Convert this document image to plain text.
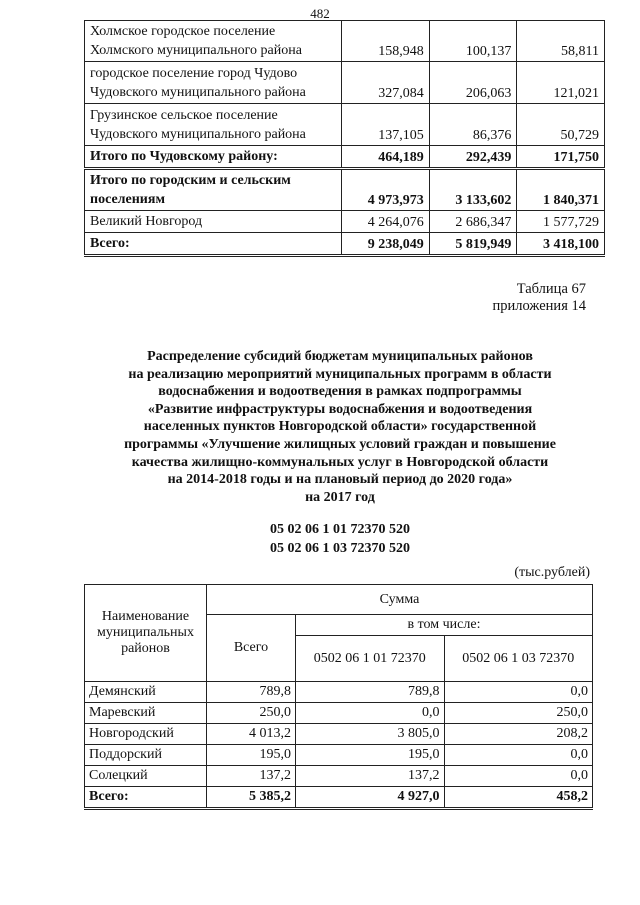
482
Холмское городское поселение Холмского муниципального района	158,948	100,137	58,811
городское поселение город Чудово Чудовского муниципального района	327,084	206,063	121,021
Грузинское сельское поселение Чудовского муниципального района	137,105	86,376	50,729
Итого по Чудовскому району:	464,189	292,439	171,750
Итого по городским и сельским поселениям	4 973,973	3 133,602	1 840,371
Великий Новгород	4 264,076	2 686,347	1 577,729
Всего:	9 238,049	5 819,949	3 418,100
Таблица 67
приложения 14
Распределение субсидий бюджетам муниципальных районов
на реализацию мероприятий муниципальных программ в области
водоснабжения и водоотведения в рамках подпрограммы
«Развитие инфраструктуры водоснабжения и водоотведения
населенных пунктов Новгородской области» государственной
программы «Улучшение жилищных условий граждан и повышение
качества жилищно-коммунальных услуг в Новгородской области
на 2014-2018 годы и на плановый период до 2020 года»
на 2017 год
05 02 06 1 01 72370 520
05 02 06 1 03 72370 520
(тыс.рублей)
Наименование муниципальных районов	Сумма		
	Всего	в том числе:	
		0502 06 1 01 72370	0502 06 1 03 72370
Демянский	789,8	789,8	0,0
Маревский	250,0	0,0	250,0
Новгородский	4 013,2	3 805,0	208,2
Поддорский	195,0	195,0	0,0
Солецкий	137,2	137,2	0,0
Всего:	5 385,2	4 927,0	458,2
